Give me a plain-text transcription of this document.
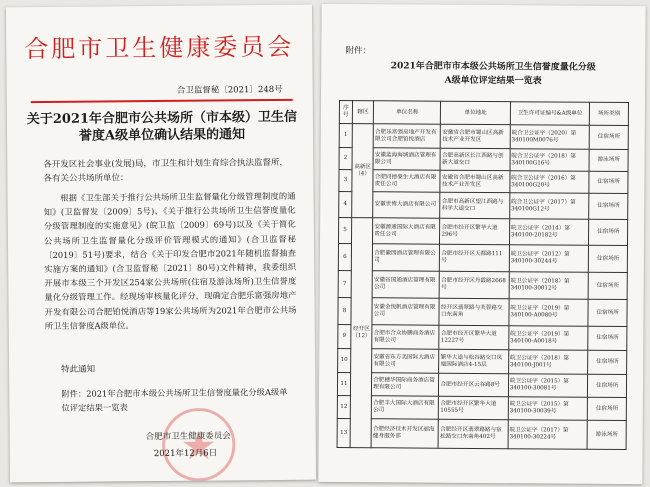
合肥市卫生健康委员会
合卫监督秘〔2021〕248号
关于2021年合肥市公共场所（市本级）卫生信
誉度A级单位确认结果的通知
各开发区社会事业(发展)局，市卫生和计划生育综合执法监督所，
各有关公共场所单位：
根据《卫生部关于推行公共场所卫生监督量化分级管理制度的通知》(卫监督发〔2009〕5号)、《关于推行公共场所卫生信誉度量化分级管理制度的实施意见》(皖卫监〔2009〕69号)以及《关于简化公共场所卫生监督量化分级评价管理模式的通知》(合卫监督秘〔2019〕51号)要求，结合《关于印发合肥市2021年随机监督抽查实施方案的通知》(合卫监督秘〔2021〕80号)文件精神，我委组织开展市本级三个开发区254家公共场所(住宿及游泳场所)卫生信誉度量化分级管理工作。经现场审核量化评分，现确定合肥乐富强房地产开发有限公司合肥铂悦酒店等19家公共场所为2021年合肥市公共场所卫生信誉度A级单位。
特此通知
附件：2021年合肥市本级公共场所卫生信誉度量化分级A级单位评定结果一览表
合肥市卫生健康委员会
2021年12月6日
附件：
2021年合肥市市本级公共场所卫生信誉度量化分级
A级单位评定结果一览表
序号	辖区	单位名称	单位地址	卫生许可证编号&A级单位	场所类别
1	高新区（4）	合肥乐富强房地产开发有限公司合肥铂悦酒店	安徽省合肥市蜀山区高新技术产业开发区	皖合卫公证字（2020）第340100M0076号	住宿场所
2		安徽蓝海海城酒店管理有限公司	合肥高新区长江西路与创新大道交口	皖合卫公证字（2018）第340100G16号	游泳场所
3		合肥同德豪生大酒店有限责任公司	安徽省合肥市蜀山区高新技术产业开发区	皖合卫公证字（2016）第340100G20号	住宿场所
4		安徽世博大酒店有限公司	合肥市高新区望江西路与科学大道交口	皖合卫公证字（2017）第340100G12号	住宿场所
5	经开区（12）	安徽源通国际大酒店有限责任公司	合肥市经开区繁华大道296号	皖卫公证字（2014）第340100-20182号	住宿场所
6		合肥徽园酒店管理有限公司	合肥市经开区天都路111号	皖卫公证字（2012）第340100-30244号	住宿场所
7		安徽省国通酒店管理有限公司	合肥市经开区丹霞路2668号	皖卫公证字（2018）第340100-30012号	住宿场所
8		安徽金悦帆酒店管理有限公司	经开区翡翠路与芙蓉路交口东南角	皖卫公证字（2019）第340100-A0080号	住宿场所
9		合肥市合众协鹏商务酒店有限公司	合肥市经开区繁华大道12227号	皖卫公证字（2019）第340100-A0018号	住宿场所
10		安徽省东方美国际大酒店有限公司	繁华大道与松谷路交口凤凰国际酒店4-15层	皖卫公证字（2018）第340100-J001号	住宿场所
11		合肥穗华国际商务酒店管理有限公司	合肥市经开区云谷路8号	皖卫公证字（2015）第340100-30081号	住宿场所
12		合肥丰大国际大酒店有限公司	合肥市经开区繁华大道10555号	皖卫公证字（2015）第340100-30039号	住宿场所
13		合肥经济技术开发区丽海健身服务部	合肥经开区翡翠路路与宿松路交口东南角402号	皖卫公证字（2017）第340100-30224号	游泳场所
